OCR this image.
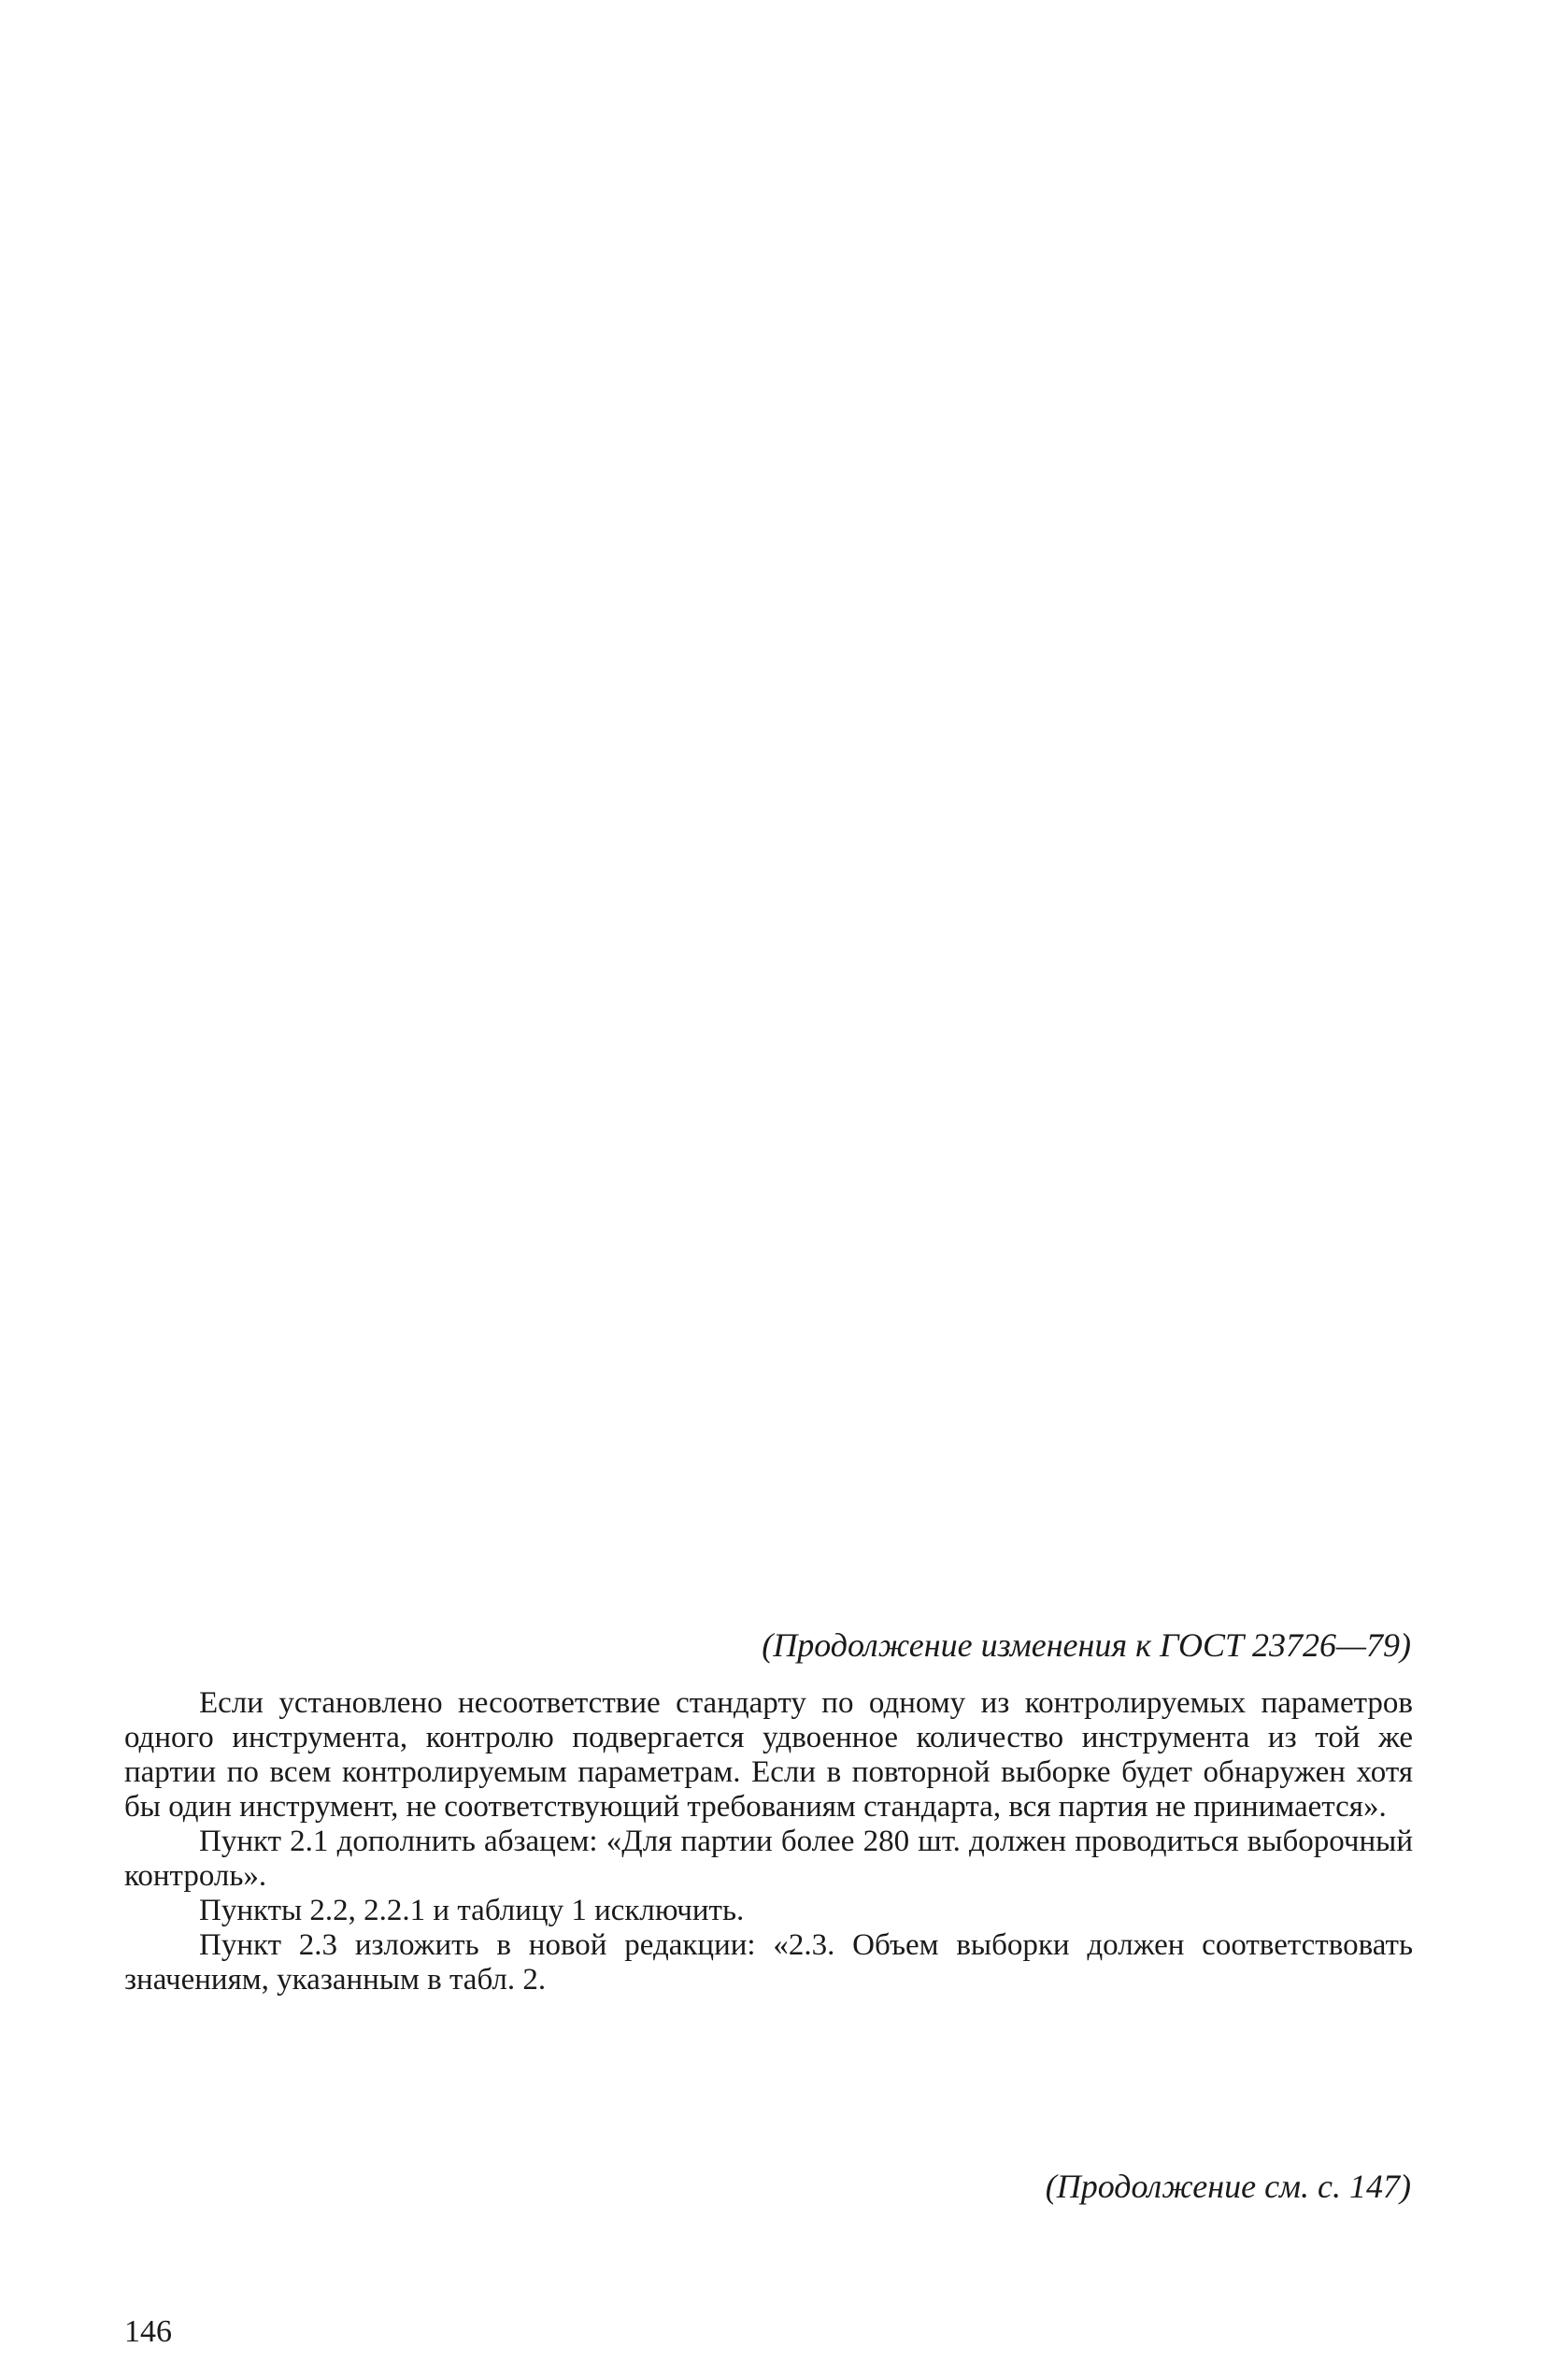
(Продолжение изменения к ГОСТ 23726—79)

Если установлено несоответствие стандарту по одному из контролируемых параметров одного инструмента, контролю подвергается удвоенное количество инструмента из той же партии по всем контролируемым параметрам. Если в повторной выборке будет обнаружен хотя бы один инструмент, не соответствующий требованиям стандарта, вся партия не принимается».

Пункт 2.1 дополнить абзацем: «Для партии более 280 шт. должен проводиться выборочный контроль».

Пункты 2.2, 2.2.1 и таблицу 1 исключить.

Пункт 2.3 изложить в новой редакции: «2.3. Объем выборки должен соответствовать значениям, указанным в табл. 2.

(Продолжение см. с. 147)
146
